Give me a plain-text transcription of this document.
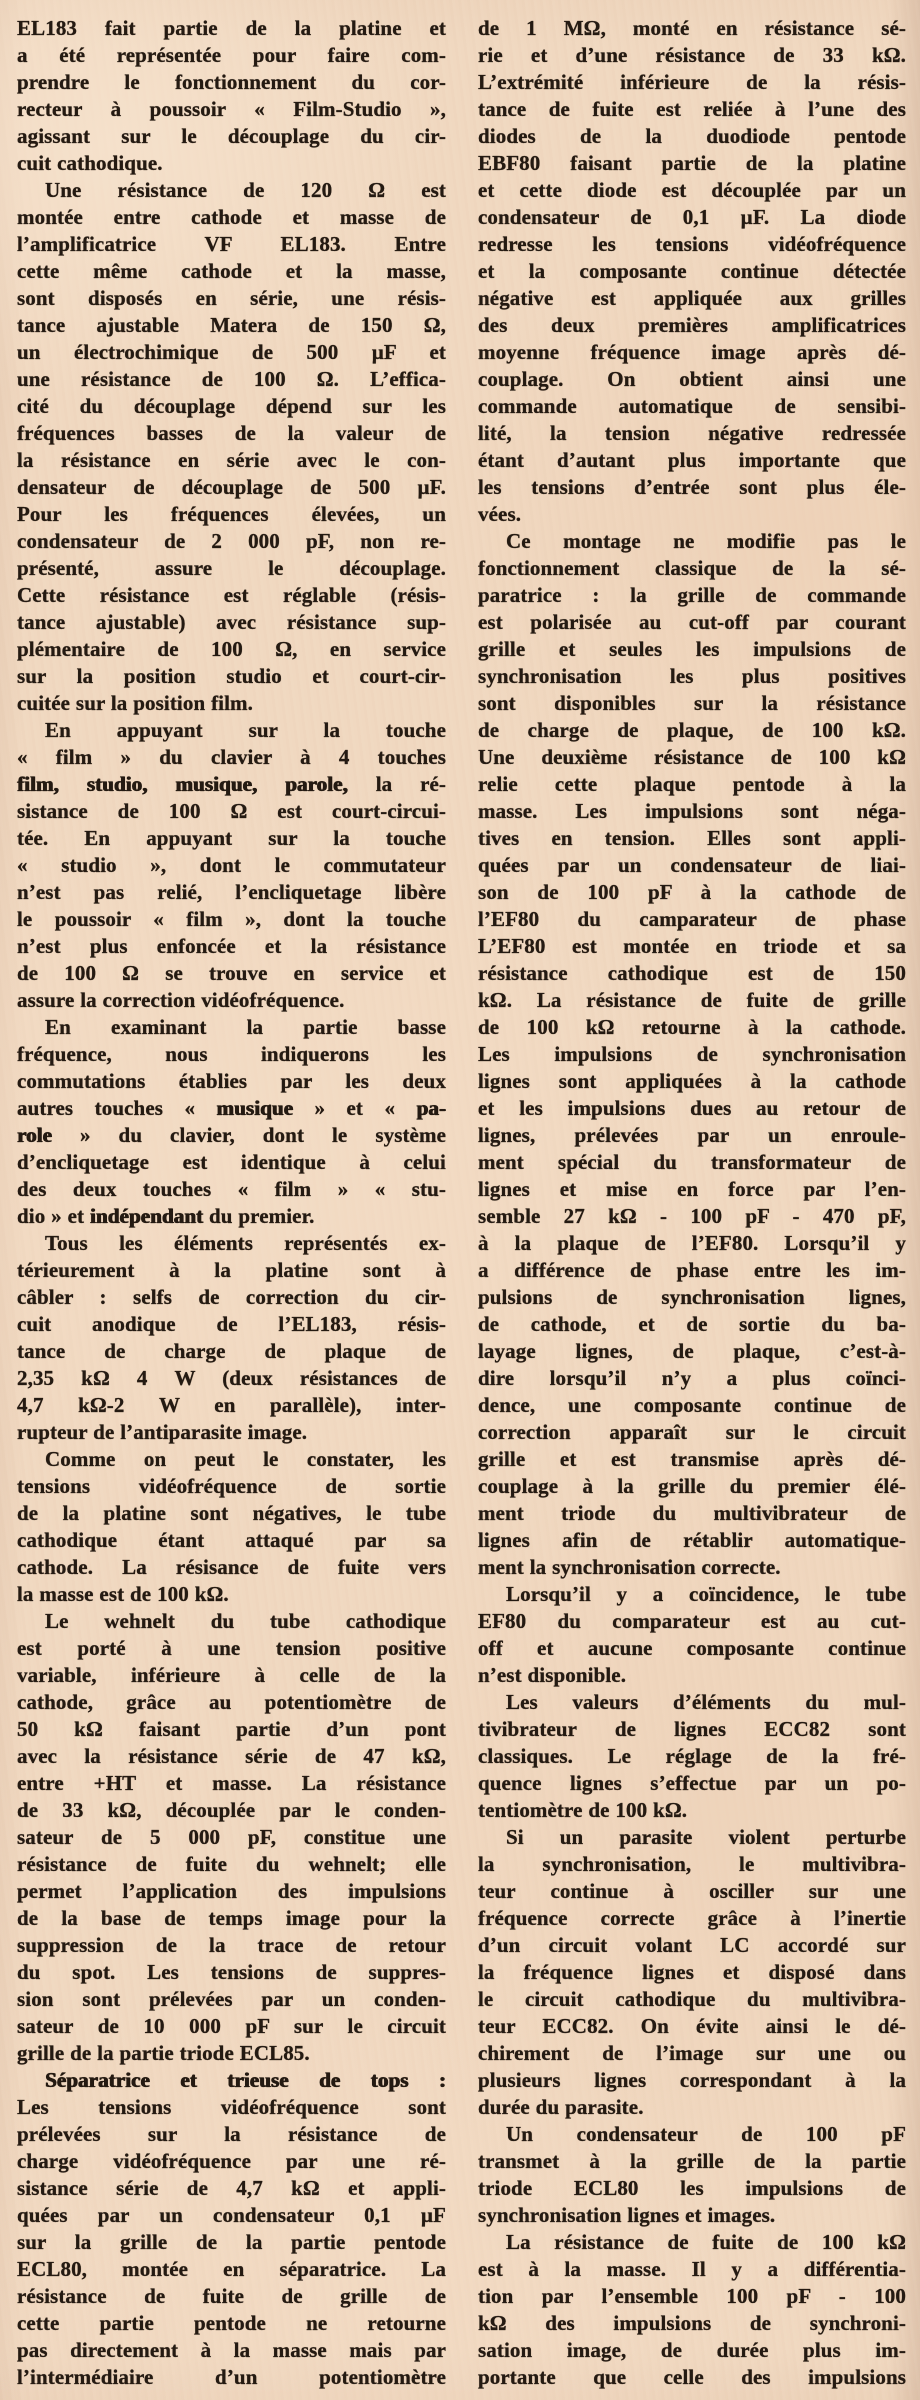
EL183 fait partie de la platine et
a été représentée pour faire com-
prendre le fonctionnement du cor-
recteur à poussoir « Film-Studio »,
agissant sur le découplage du cir-
cuit cathodique.
Une résistance de 120 Ω est
montée entre cathode et masse de
l’amplificatrice VF EL183. Entre
cette même cathode et la masse,
sont disposés en série, une résis-
tance ajustable Matera de 150 Ω,
un électrochimique de 500 µF et
une résistance de 100 Ω. L’effica-
cité du découplage dépend sur les
fréquences basses de la valeur de
la résistance en série avec le con-
densateur de découplage de 500 µF.
Pour les fréquences élevées, un
condensateur de 2 000 pF, non re-
présenté, assure le découplage.
Cette résistance est réglable (résis-
tance ajustable) avec résistance sup-
plémentaire de 100 Ω, en service
sur la position studio et court-cir-
cuitée sur la position film.
En appuyant sur la touche
« film » du clavier à 4 touches
film, studio, musique, parole, la ré-
sistance de 100 Ω est court-circui-
tée. En appuyant sur la touche
« studio », dont le commutateur
n’est pas relié, l’encliquetage libère
le poussoir « film », dont la touche
n’est plus enfoncée et la résistance
de 100 Ω se trouve en service et
assure la correction vidéofréquence.
En examinant la partie basse
fréquence, nous indiquerons les
commutations établies par les deux
autres touches « musique » et « pa-
role » du clavier, dont le système
d’encliquetage est identique à celui
des deux touches « film » « stu-
dio » et indépendant du premier.
Tous les éléments représentés ex-
térieurement à la platine sont à
câbler : selfs de correction du cir-
cuit anodique de l’EL183, résis-
tance de charge de plaque de
2,35 kΩ 4 W (deux résistances de
4,7 kΩ-2 W en parallèle), inter-
rupteur de l’antiparasite image.
Comme on peut le constater, les
tensions vidéofréquence de sortie
de la platine sont négatives, le tube
cathodique étant attaqué par sa
cathode. La résisance de fuite vers
la masse est de 100 kΩ.
Le wehnelt du tube cathodique
est porté à une tension positive
variable, inférieure à celle de la
cathode, grâce au potentiomètre de
50 kΩ faisant partie d’un pont
avec la résistance série de 47 kΩ,
entre +HT et masse. La résistance
de 33 kΩ, découplée par le conden-
sateur de 5 000 pF, constitue une
résistance de fuite du wehnelt; elle
permet l’application des impulsions
de la base de temps image pour la
suppression de la trace de retour
du spot. Les tensions de suppres-
sion sont prélevées par un conden-
sateur de 10 000 pF sur le circuit
grille de la partie triode ECL85.
Séparatrice et trieuse de tops :
Les tensions vidéofréquence sont
prélevées sur la résistance de
charge vidéofréquence par une ré-
sistance série de 4,7 kΩ et appli-
quées par un condensateur 0,1 µF
sur la grille de la partie pentode
ECL80, montée en séparatrice. La
résistance de fuite de grille de
cette partie pentode ne retourne
pas directement à la masse mais par
l’intermédiaire d’un potentiomètre
de 1 MΩ, monté en résistance sé-
rie et d’une résistance de 33 kΩ.
L’extrémité inférieure de la résis-
tance de fuite est reliée à l’une des
diodes de la duodiode pentode
EBF80 faisant partie de la platine
et cette diode est découplée par un
condensateur de 0,1 µF. La diode
redresse les tensions vidéofréquence
et la composante continue détectée
négative est appliquée aux grilles
des deux premières amplificatrices
moyenne fréquence image après dé-
couplage. On obtient ainsi une
commande automatique de sensibi-
lité, la tension négative redressée
étant d’autant plus importante que
les tensions d’entrée sont plus éle-
vées.
Ce montage ne modifie pas le
fonctionnement classique de la sé-
paratrice : la grille de commande
est polarisée au cut-off par courant
grille et seules les impulsions de
synchronisation les plus positives
sont disponibles sur la résistance
de charge de plaque, de 100 kΩ.
Une deuxième résistance de 100 kΩ
relie cette plaque pentode à la
masse. Les impulsions sont néga-
tives en tension. Elles sont appli-
quées par un condensateur de liai-
son de 100 pF à la cathode de
l’EF80 du camparateur de phase
L’EF80 est montée en triode et sa
résistance cathodique est de 150
kΩ. La résistance de fuite de grille
de 100 kΩ retourne à la cathode.
Les impulsions de synchronisation
lignes sont appliquées à la cathode
et les impulsions dues au retour de
lignes, prélevées par un enroule-
ment spécial du transformateur de
lignes et mise en force par l’en-
semble 27 kΩ - 100 pF - 470 pF,
à la plaque de l’EF80. Lorsqu’il y
a différence de phase entre les im-
pulsions de synchronisation lignes,
de cathode, et de sortie du ba-
layage lignes, de plaque, c’est-à-
dire lorsqu’il n’y a plus coïnci-
dence, une composante continue de
correction apparaît sur le circuit
grille et est transmise après dé-
couplage à la grille du premier élé-
ment triode du multivibrateur de
lignes afin de rétablir automatique-
ment la synchronisation correcte.
Lorsqu’il y a coïncidence, le tube
EF80 du comparateur est au cut-
off et aucune composante continue
n’est disponible.
Les valeurs d’éléments du mul-
tivibrateur de lignes ECC82 sont
classiques. Le réglage de la fré-
quence lignes s’effectue par un po-
tentiomètre de 100 kΩ.
Si un parasite violent perturbe
la synchronisation, le multivibra-
teur continue à osciller sur une
fréquence correcte grâce à l’inertie
d’un circuit volant LC accordé sur
la fréquence lignes et disposé dans
le circuit cathodique du multivibra-
teur ECC82. On évite ainsi le dé-
chirement de l’image sur une ou
plusieurs lignes correspondant à la
durée du parasite.
Un condensateur de 100 pF
transmet à la grille de la partie
triode ECL80 les impulsions de
synchronisation lignes et images.
La résistance de fuite de 100 kΩ
est à la masse. Il y a différentia-
tion par l’ensemble 100 pF - 100
kΩ des impulsions de synchroni-
sation image, de durée plus im-
portante que celle des impulsions
